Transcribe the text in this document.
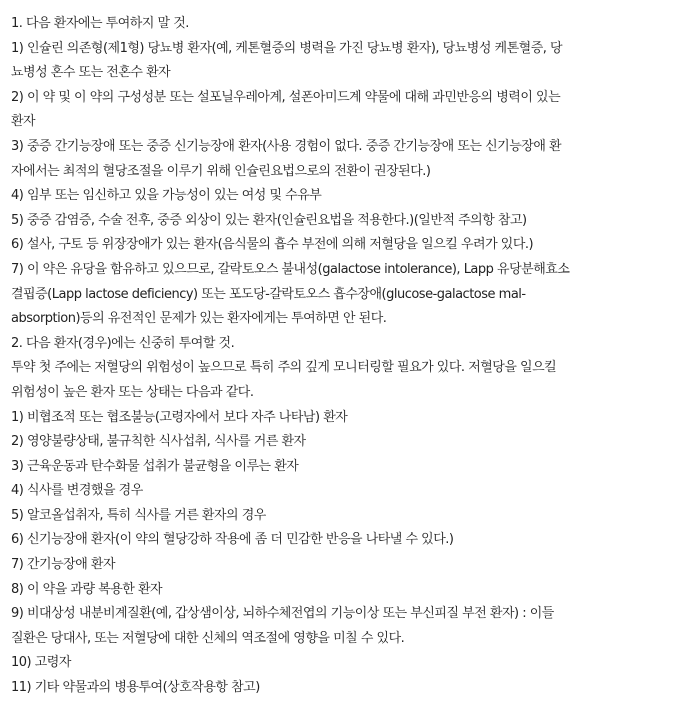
1. 다음 환자에는 투여하지 말 것.
1) 인슐린 의존형(제1형) 당뇨병 환자(예, 케톤혈증의 병력을 가진 당뇨병 환자), 당뇨병성 케톤혈증, 당
뇨병성 혼수 또는 전혼수 환자
2) 이 약 및 이 약의 구성성분 또는 설포닐우레아계, 설폰아미드계 약물에 대해 과민반응의 병력이 있는
환자
3) 중증 간기능장애 또는 중증 신기능장애 환자(사용 경험이 없다. 중증 간기능장애 또는 신기능장애 환
자에서는 최적의 혈당조절을 이루기 위해 인슐린요법으로의 전환이 권장된다.)
4) 임부 또는 임신하고 있을 가능성이 있는 여성 및 수유부
5) 중증 감염증, 수술 전후, 중증 외상이 있는 환자(인슐린요법을 적용한다.)(일반적 주의항 참고)
6) 설사, 구토 등 위장장애가 있는 환자(음식물의 흡수 부전에 의해 저혈당을 일으킬 우려가 있다.)
7) 이 약은 유당을 함유하고 있으므로, 갈락토오스 불내성(galactose intolerance), Lapp 유당분해효소
결핍증(Lapp lactose deficiency) 또는 포도당-갈락토오스 흡수장애(glucose-galactose mal-
absorption)등의 유전적인 문제가 있는 환자에게는 투여하면 안 된다.
2. 다음 환자(경우)에는 신중히 투여할 것.
투약 첫 주에는 저혈당의 위험성이 높으므로 특히 주의 깊게 모니터링할 필요가 있다. 저혈당을 일으킬
위험성이 높은 환자 또는 상태는 다음과 같다.
1) 비협조적 또는 협조불능(고령자에서 보다 자주 나타남) 환자
2) 영양불량상태, 불규칙한 식사섭취, 식사를 거른 환자
3) 근육운동과 탄수화물 섭취가 불균형을 이루는 환자
4) 식사를 변경했을 경우
5) 알코올섭취자, 특히 식사를 거른 환자의 경우
6) 신기능장애 환자(이 약의 혈당강하 작용에 좀 더 민감한 반응을 나타낼 수 있다.)
7) 간기능장애 환자
8) 이 약을 과량 복용한 환자
9) 비대상성 내분비계질환(예, 갑상샘이상, 뇌하수체전엽의 기능이상 또는 부신피질 부전 환자) : 이들
질환은 당대사, 또는 저혈당에 대한 신체의 역조절에 영향을 미칠 수 있다.
10) 고령자
11) 기타 약물과의 병용투여(상호작용항 참고)
